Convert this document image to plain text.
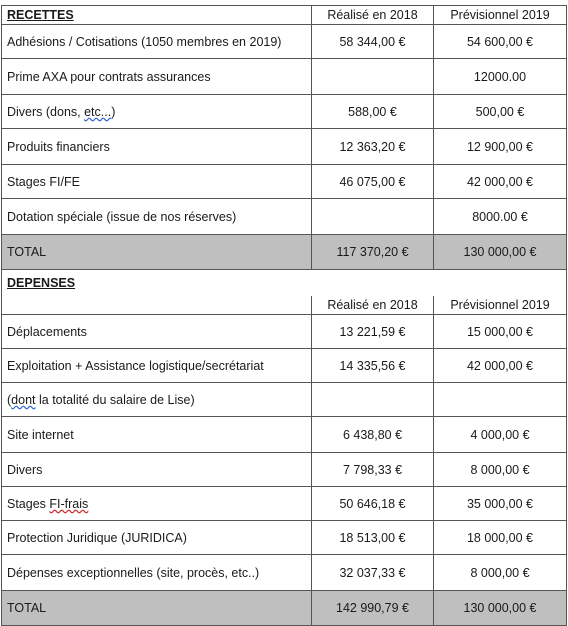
RECETTES	Réalisé en 2018	Prévisionnel 2019
Adhésions / Cotisations (1050 membres en 2019)	58 344,00 €	54 600,00 €
Prime AXA pour contrats assurances		12000.00
Divers (dons, etc...)	588,00 €	500,00 €
Produits financiers	12 363,20 €	12 900,00 €
Stages FI/FE	46 075,00 €	42 000,00 €
Dotation spéciale (issue de nos réserves)		8000.00 €
TOTAL	117 370,20 €	130 000,00 €
DEPENSES		
	Réalisé en 2018	Prévisionnel 2019
Déplacements	13 221,59 €	15 000,00 €
Exploitation + Assistance logistique/secrétariat	14 335,56 €	42 000,00 €
(dont la totalité du salaire de Lise)		
Site internet	6 438,80 €	4 000,00 €
Divers	7 798,33 €	8 000,00 €
Stages FI-frais	50 646,18 €	35 000,00 €
Protection Juridique (JURIDICA)	18 513,00 €	18 000,00 €
Dépenses exceptionnelles (site, procès, etc..)	32 037,33 €	8 000,00 €
TOTAL	142 990,79 €	130 000,00 €
